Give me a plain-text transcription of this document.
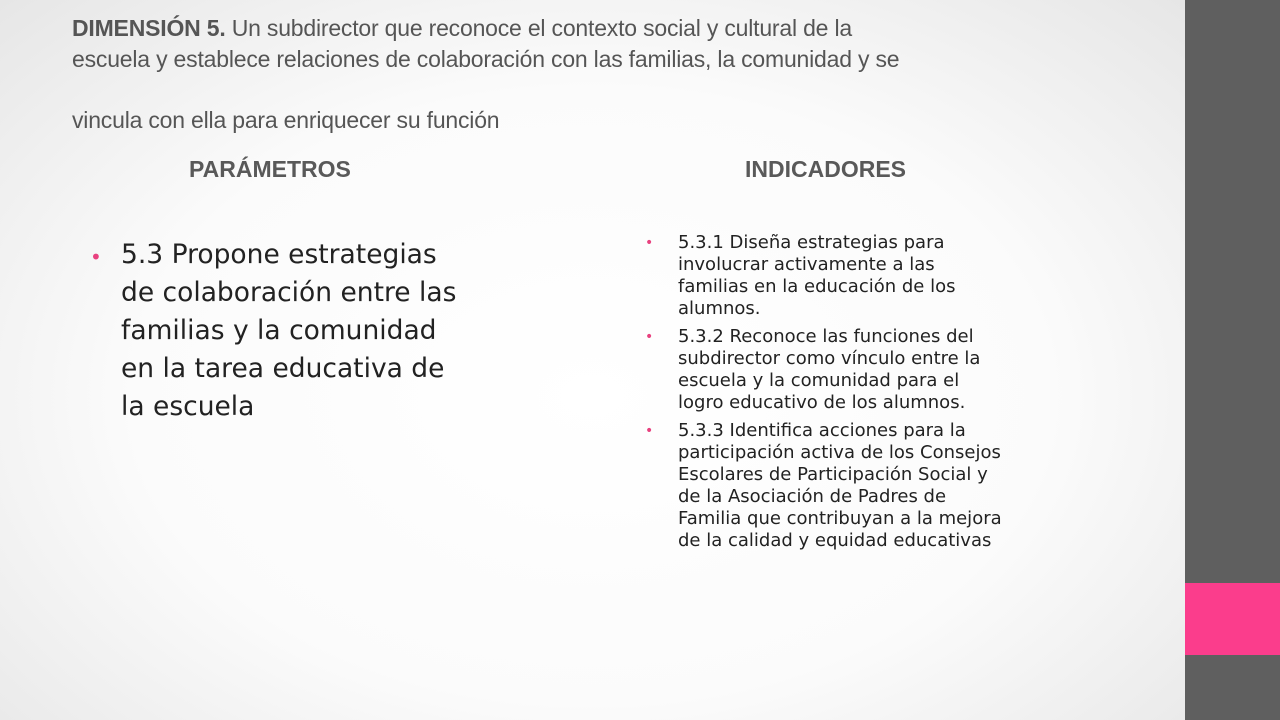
DIMENSIÓN 5. Un subdirector que reconoce el contexto social y cultural de la
escuela y establece relaciones de colaboración con las familias, la comunidad y se
vincula con ella para enriquecer su función
PARÁMETROS	INDICADORES
• 5.3 Propone estrategias
de colaboración entre las
familias y la comunidad
en la tarea educativa de
la escuela
• 5.3.1 Diseña estrategias para
involucrar activamente a las
familias en la educación de los
alumnos.
• 5.3.2 Reconoce las funciones del
subdirector como vínculo entre la
escuela y la comunidad para el
logro educativo de los alumnos.
• 5.3.3 Identifica acciones para la
participación activa de los Consejos
Escolares de Participación Social y
de la Asociación de Padres de
Familia que contribuyan a la mejora
de la calidad y equidad educativas
